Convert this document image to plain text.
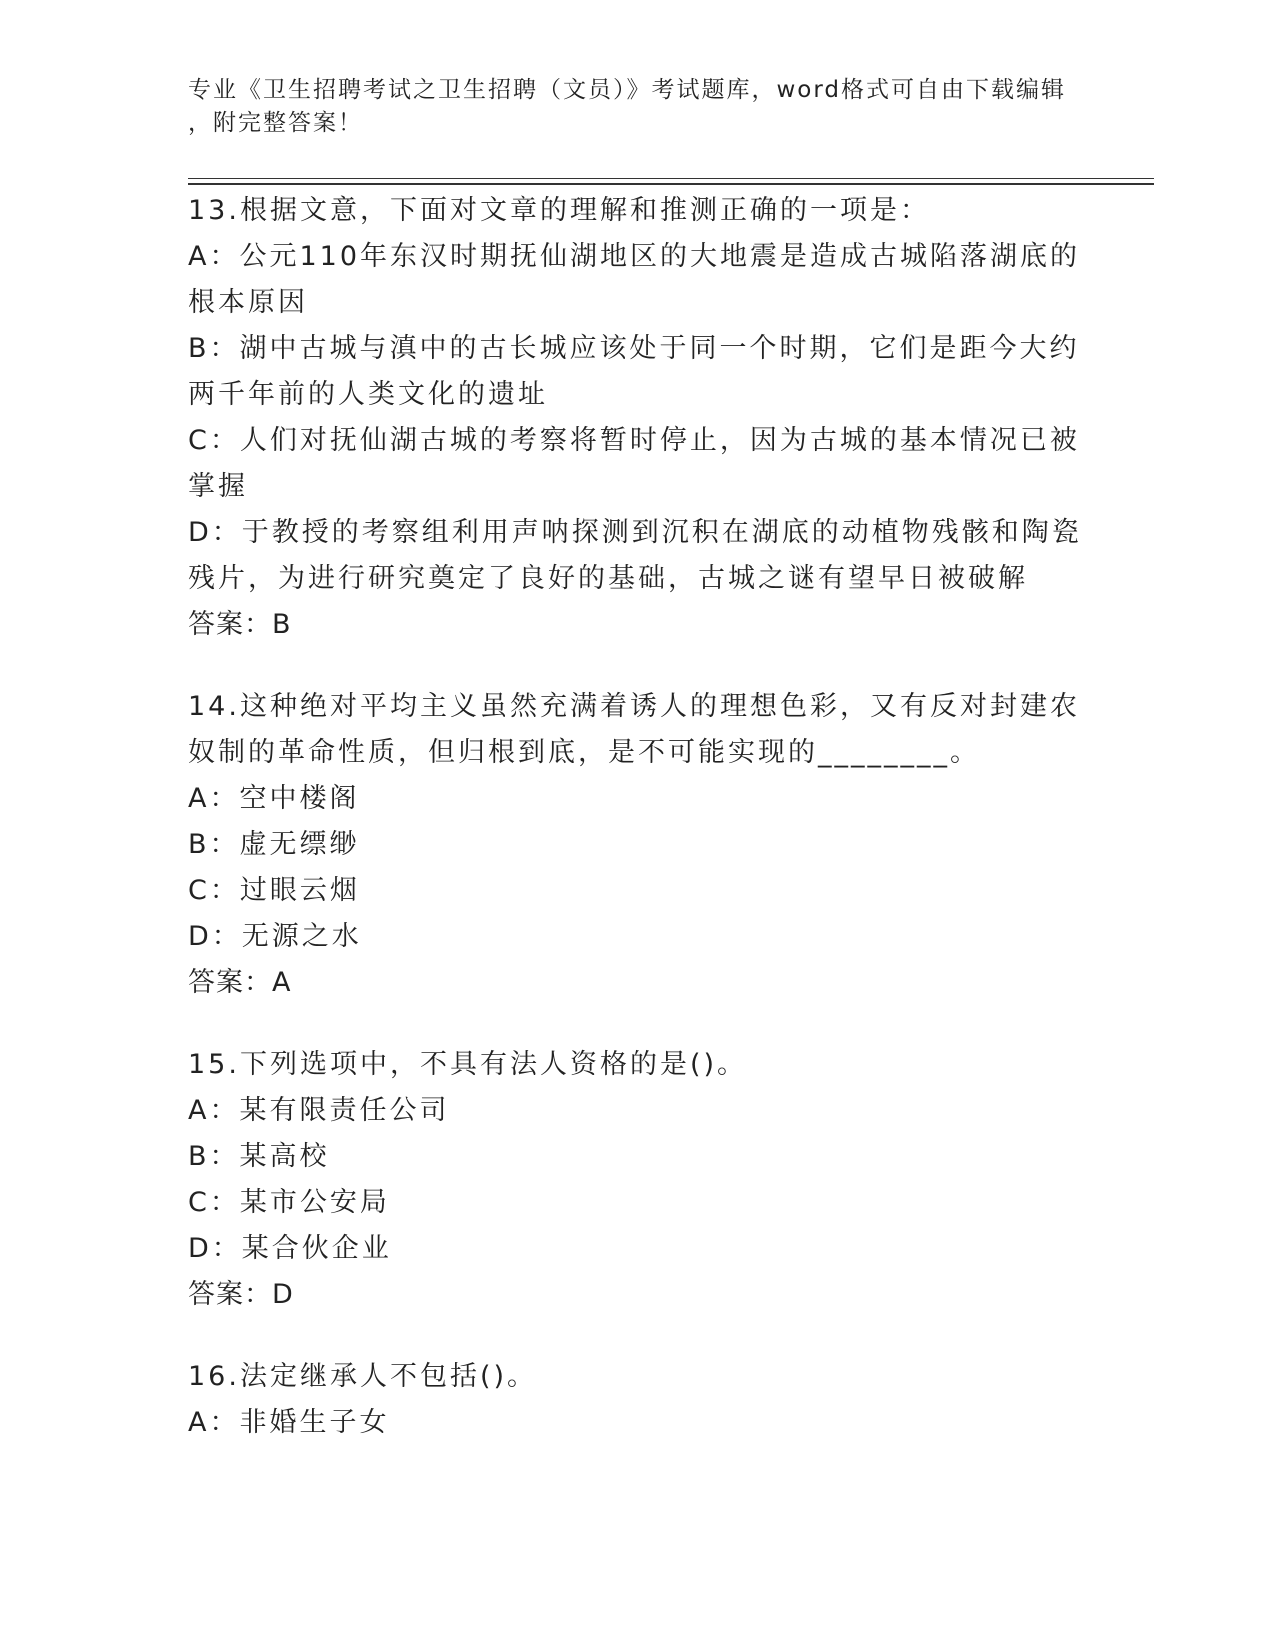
专业《卫生招聘考试之卫生招聘（文员）》考试题库，word格式可自由下载编辑
，附完整答案！

13.根据文意，下面对文章的理解和推测正确的一项是：

A：公元110年东汉时期抚仙湖地区的大地震是造成古城陷落湖底的根本原因

B：湖中古城与滇中的古长城应该处于同一个时期，它们是距今大约两千年前的人类文化的遗址

C：人们对抚仙湖古城的考察将暂时停止，因为古城的基本情况已被掌握

D：于教授的考察组利用声呐探测到沉积在湖底的动植物残骸和陶瓷残片，为进行研究奠定了良好的基础，古城之谜有望早日被破解

答案：B

14.这种绝对平均主义虽然充满着诱人的理想色彩，又有反对封建农奴制的革命性质，但归根到底，是不可能实现的________。

A：空中楼阁

B：虚无缥缈

C：过眼云烟

D：无源之水

答案：A

15.下列选项中，不具有法人资格的是()。

A：某有限责任公司

B：某高校

C：某市公安局

D：某合伙企业

答案：D

16.法定继承人不包括()。

A：非婚生子女
